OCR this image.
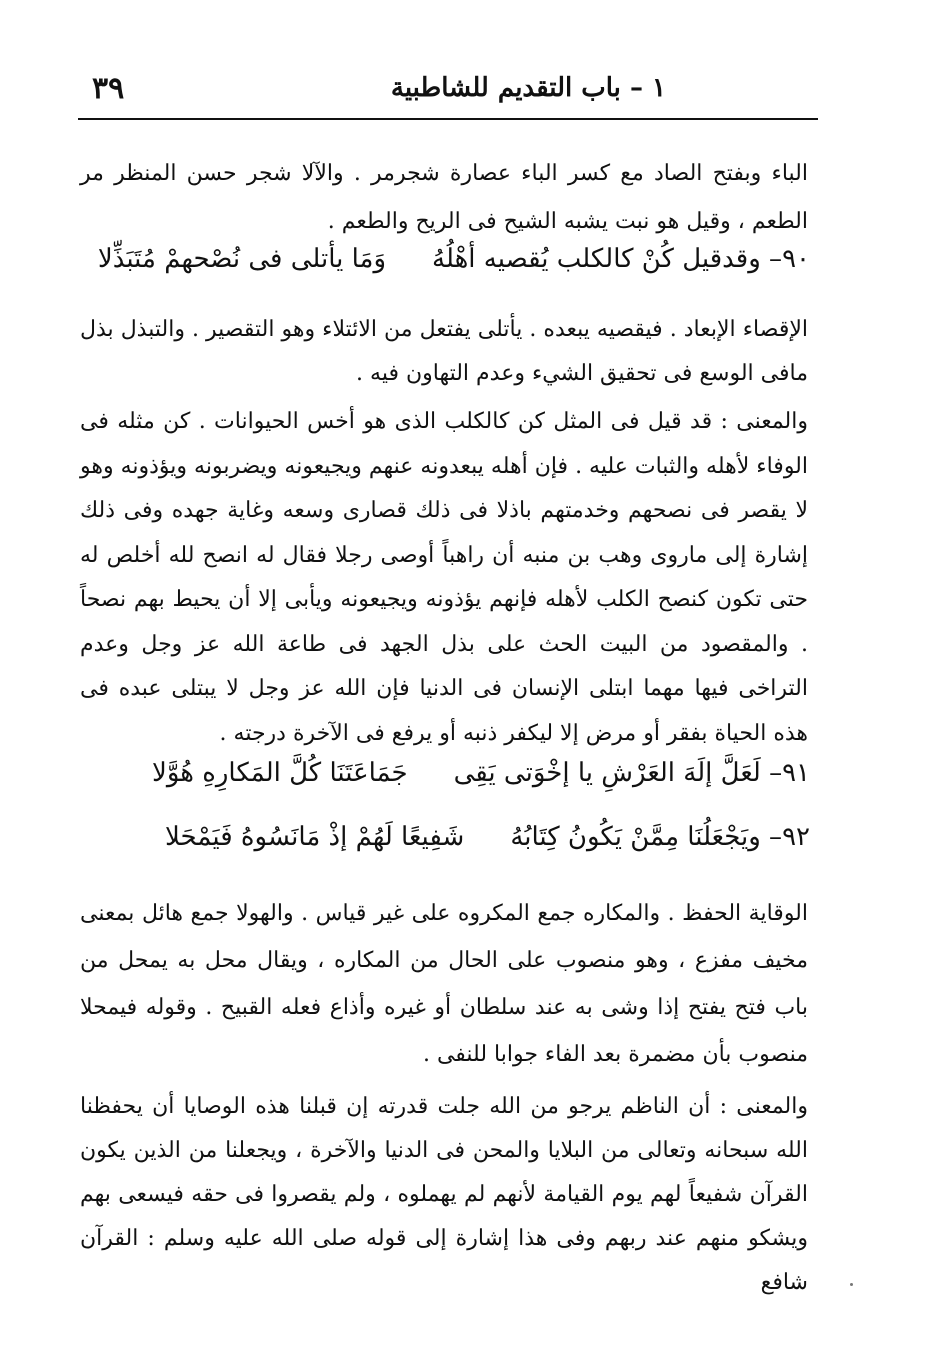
١ – باب التقديم للشاطبية
٣٩
الباء وبفتح الصاد مع كسر الباء عصارة شجرمر . والآلا شجر حسن المنظر مر الطعم ، وقيل هو نبت يشبه الشيح فى الريح والطعم .
٩٠– وقدقيل كُنْ كالكلب يُقصيه أهْلُهُ
وَمَا يأتلى فى نُصْحهمْ مُتَبَذِّلا
الإقصاء الإبعاد . فيقصيه يبعده . يأتلى يفتعل من الائتلاء وهو التقصير . والتبذل بذل مافى الوسع فى تحقيق الشيء وعدم التهاون فيه .
والمعنى : قد قيل فى المثل كن كالكلب الذى هو أخس الحيوانات . كن مثله فى الوفاء لأهله والثبات عليه . فإن أهله يبعدونه عنهم ويجيعونه ويضربونه ويؤذونه وهو لا يقصر فى نصحهم وخدمتهم باذلا فى ذلك قصارى وسعه وغاية جهده وفى ذلك إشارة إلى ماروى وهب بن منبه أن راهباً أوصى رجلا فقال له انصح لله أخلص له حتى تكون كنصح الكلب لأهله فإنهم يؤذونه ويجيعونه ويأبى إلا أن يحيط بهم نصحاً . والمقصود من البيت الحث على بذل الجهد فى طاعة الله عز وجل وعدم التراخى فيها مهما ابتلى الإنسان فى الدنيا فإن الله عز وجل لا يبتلى عبده فى هذه الحياة بفقر أو مرض إلا ليكفر ذنبه أو يرفع فى الآخرة درجته .
٩١– لَعَلَّ إلَهَ العَرْشِ يا إخْوَتى يَقِى
جَمَاعَتَنَا كُلَّ المَكارِهِ هُوَّلا
٩٢– ويَجْعَلُنَا مِمَّنْ يَكُونُ كِتَابُهُ
شَفِيعًا لَهُمْ إذْ مَانَسُوهُ فَيَمْحَلا
الوقاية الحفظ . والمكاره جمع المكروه على غير قياس . والهولا جمع هائل بمعنى مخيف مفزع ، وهو منصوب على الحال من المكاره ، ويقال محل به يمحل من باب فتح يفتح إذا وشى به عند سلطان أو غيره وأذاع فعله القبيح . وقوله فيمحلا منصوب بأن مضمرة بعد الفاء جوابا للنفى .
والمعنى : أن الناظم يرجو من الله جلت قدرته إن قبلنا هذه الوصايا أن يحفظنا الله سبحانه وتعالى من البلايا والمحن فى الدنيا والآخرة ، ويجعلنا من الذين يكون القرآن شفيعاً لهم يوم القيامة لأنهم لم يهملوه ، ولم يقصروا فى حقه فيسعى بهم ويشكو منهم عند ربهم وفى هذا إشارة إلى قوله صلى الله عليه وسلم : القرآن شافع
